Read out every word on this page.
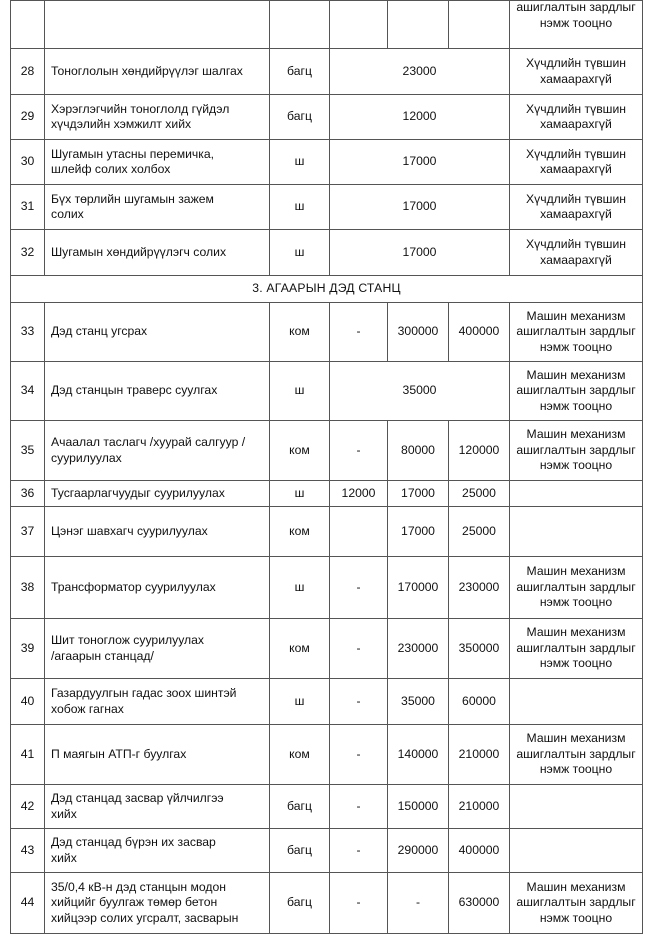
						ашиглалтын зардлыг
нэмж тооцно

28	Тоноглолын хөндийрүүлэг шалгах	багц	23000			Хүчдлийн түвшин
хамаарахгүй
29	Хэрэглэгчийн тоноглолд гүйдэл
хүчдэлийн хэмжилт хийх	багц	12000			Хүчдлийн түвшин
хамаарахгүй
30	Шугамын утасны перемичка,
шлейф солих холбох	ш	17000			Хүчдлийн түвшин
хамаарахгүй
31	Бүх төрлийн шугамын зажем
солих	ш	17000			Хүчдлийн түвшин
хамаарахгүй
32	Шугамын хөндийрүүлэгч солих	ш	17000			Хүчдлийн түвшин
хамаарахгүй
3. АГААРЫН ДЭД СТАНЦ						
33	Дэд станц угсрах	ком	-	300000	400000	Машин механизм
ашиглалтын зардлыг
нэмж тооцно
34	Дэд станцын траверс суулгах	ш	35000			Машин механизм
ашиглалтын зардлыг
нэмж тооцно
35	Ачаалал таслагч /хуурай салгуур /
суурилуулах	ком	-	80000	120000	Машин механизм
ашиглалтын зардлыг
нэмж тооцно
36	Тусгаарлагчуудыг суурилуулах	ш	12000	17000	25000	
37	Цэнэг шавхагч суурилуулах	ком		17000	25000	
38	Трансформатор суурилуулах	ш	-	170000	230000	Машин механизм
ашиглалтын зардлыг
нэмж тооцно
39	Шит тоноглож суурилуулах
/агаарын станцад/	ком	-	230000	350000	Машин механизм
ашиглалтын зардлыг
нэмж тооцно
40	Газардуулгын гадас зоох шинтэй
хобож гагнах	ш	-	35000	60000	
41	П маягын АТП-г буулгах	ком	-	140000	210000	Машин механизм
ашиглалтын зардлыг
нэмж тооцно
42	Дэд станцад засвар үйлчилгээ
хийх	багц	-	150000	210000	
43	Дэд станцад бүрэн их засвар
хийх	багц	-	290000	400000	
44	35/0,4 кВ-н дэд станцын модон
хийцийг буулгаж төмөр бетон
хийцээр солих угсралт, засварын	багц	-	-	630000	Машин механизм
ашиглалтын зардлыг
нэмж тооцно
